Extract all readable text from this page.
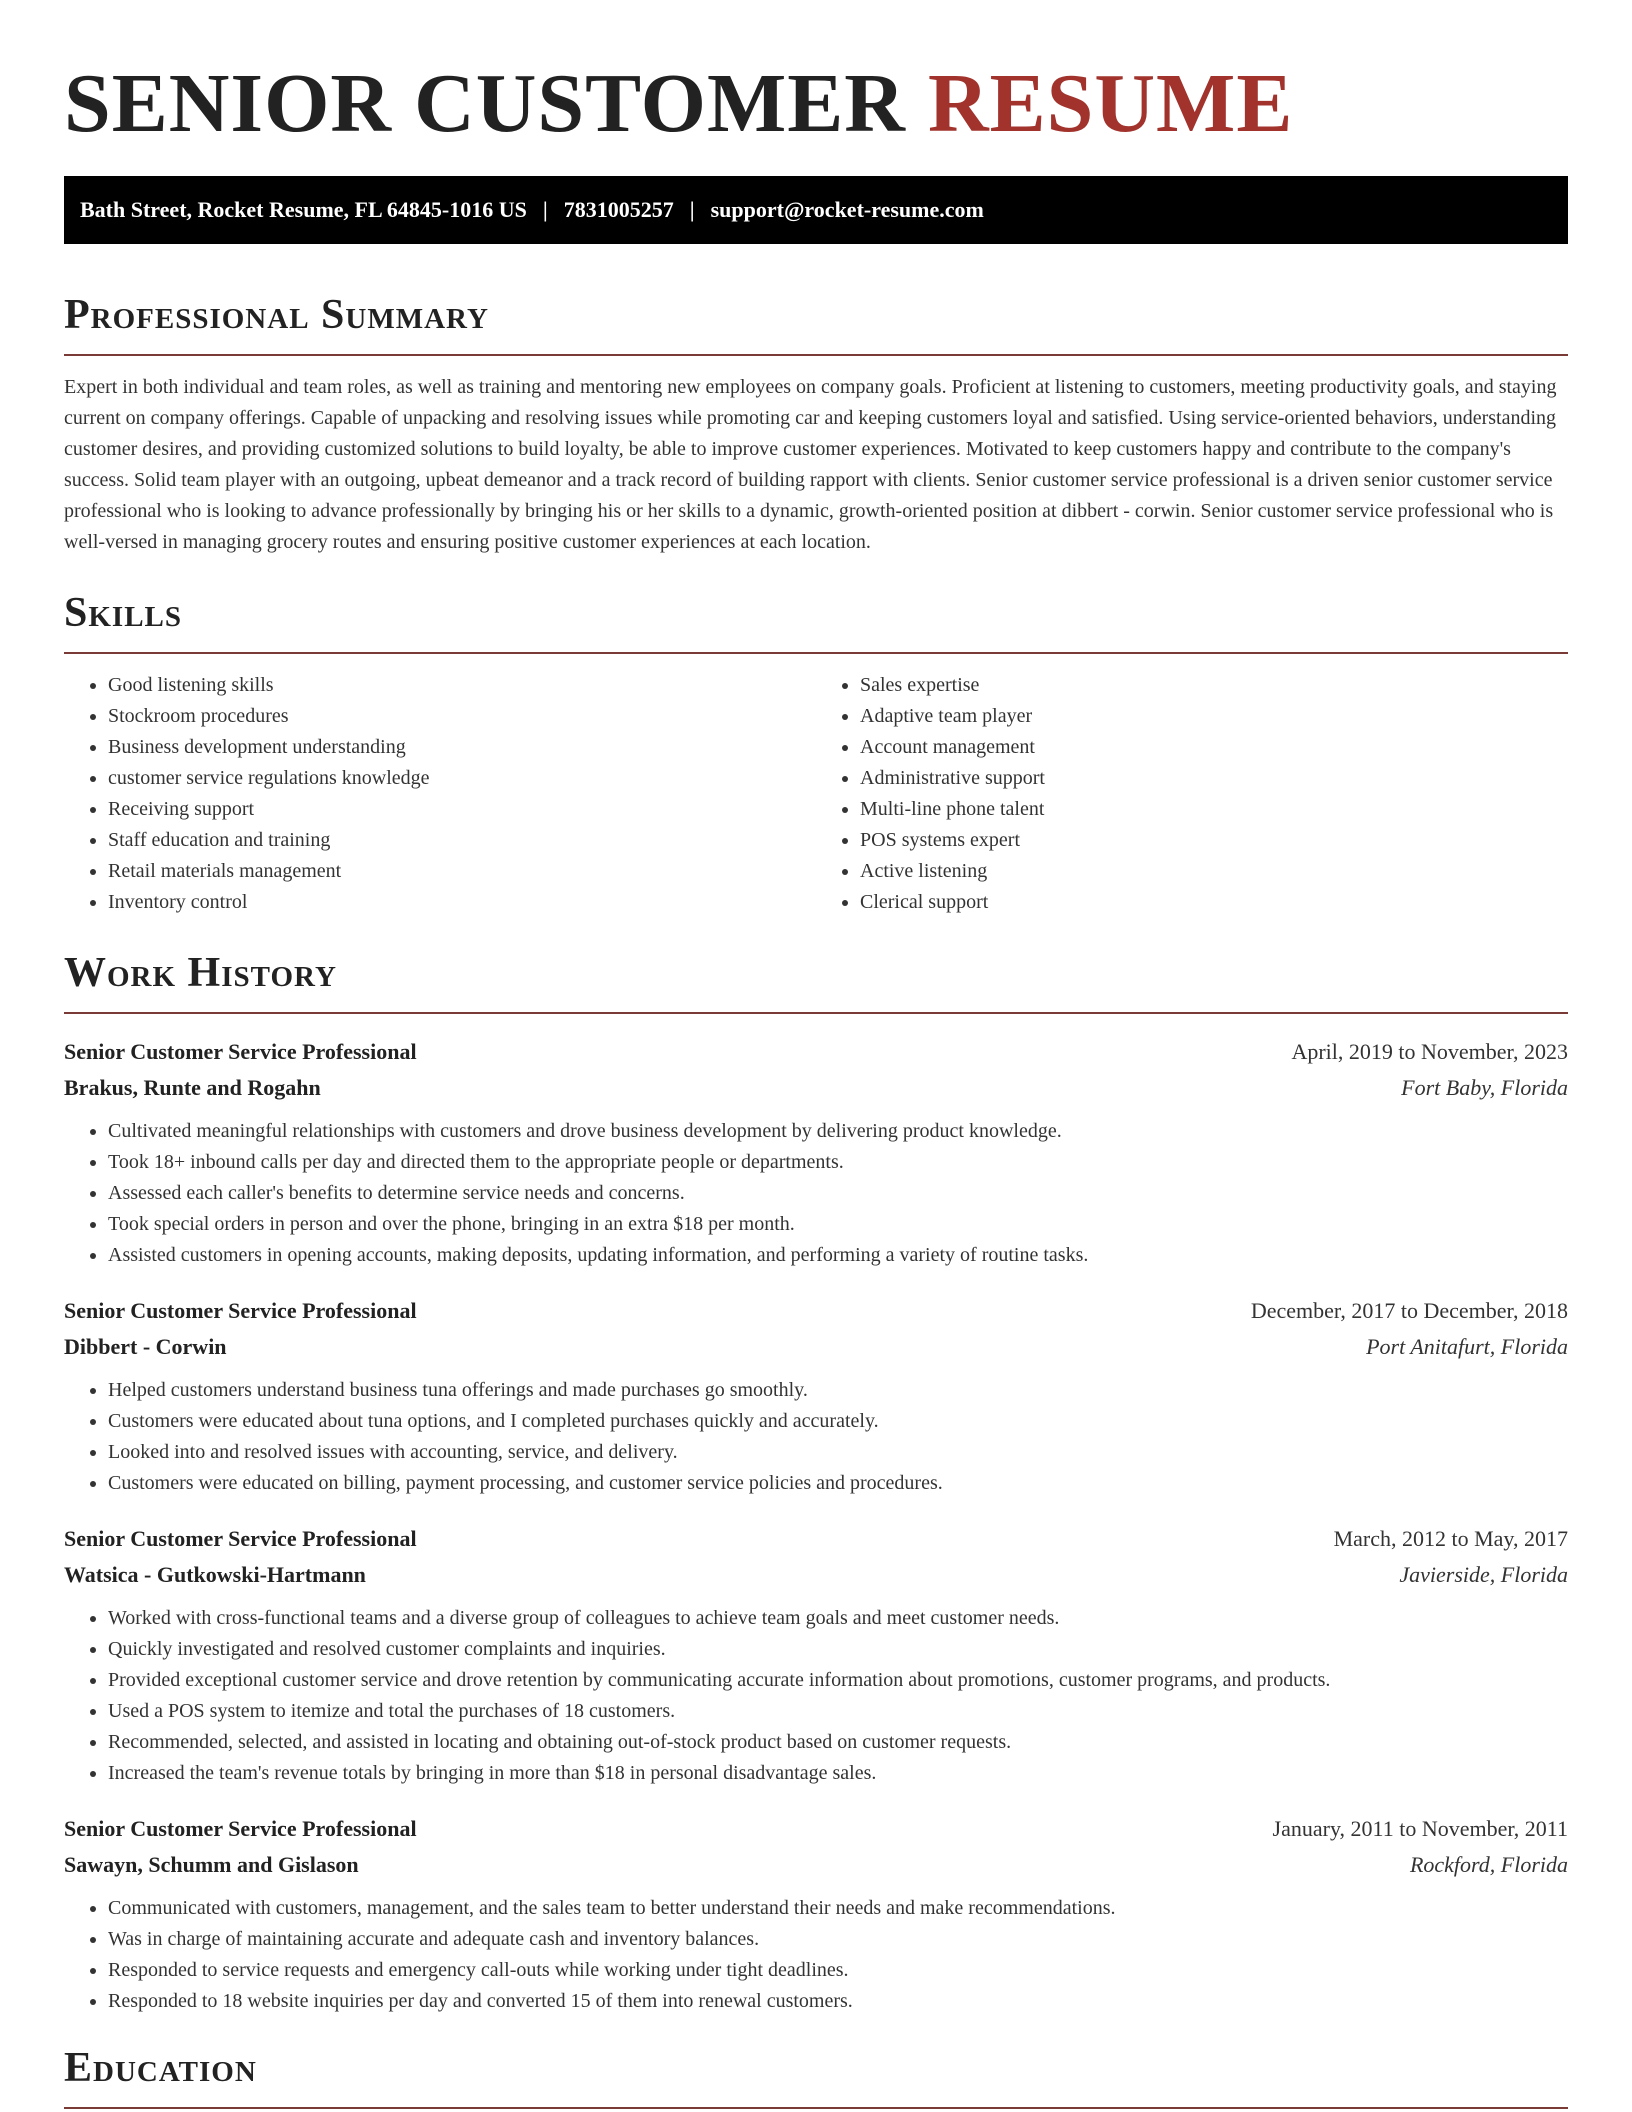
SENIOR CUSTOMER RESUME
Bath Street, Rocket Resume, FL 64845-1016 US | 7831005257 | support@rocket-resume.com
Professional Summary

Expert in both individual and team roles, as well as training and mentoring new employees on company goals. Proficient at listening to customers, meeting productivity goals, and staying current on company offerings. Capable of unpacking and resolving issues while promoting car and keeping customers loyal and satisfied. Using service-oriented behaviors, understanding customer desires, and providing customized solutions to build loyalty, be able to improve customer experiences. Motivated to keep customers happy and contribute to the company's success. Solid team player with an outgoing, upbeat demeanor and a track record of building rapport with clients. Senior customer service professional is a driven senior customer service professional who is looking to advance professionally by bringing his or her skills to a dynamic, growth-oriented position at dibbert - corwin. Senior customer service professional who is well-versed in managing grocery routes and ensuring positive customer experiences at each location.

Skills
• Good listening skills
• Stockroom procedures
• Business development understanding
• customer service regulations knowledge
• Receiving support
• Staff education and training
• Retail materials management
• Inventory control
• Sales expertise
• Adaptive team player
• Account management
• Administrative support
• Multi-line phone talent
• POS systems expert
• Active listening
• Clerical support
Work History
Senior Customer Service Professional	April, 2019 to November, 2023
Brakus, Runte and Rogahn	Fort Baby, Florida
• Cultivated meaningful relationships with customers and drove business development by delivering product knowledge.
• Took 18+ inbound calls per day and directed them to the appropriate people or departments.
• Assessed each caller's benefits to determine service needs and concerns.
• Took special orders in person and over the phone, bringing in an extra $18 per month.
• Assisted customers in opening accounts, making deposits, updating information, and performing a variety of routine tasks.
Senior Customer Service Professional	December, 2017 to December, 2018
Dibbert - Corwin	Port Anitafurt, Florida
• Helped customers understand business tuna offerings and made purchases go smoothly.
• Customers were educated about tuna options, and I completed purchases quickly and accurately.
• Looked into and resolved issues with accounting, service, and delivery.
• Customers were educated on billing, payment processing, and customer service policies and procedures.
Senior Customer Service Professional	March, 2012 to May, 2017
Watsica - Gutkowski-Hartmann	Javierside, Florida
• Worked with cross-functional teams and a diverse group of colleagues to achieve team goals and meet customer needs.
• Quickly investigated and resolved customer complaints and inquiries.
• Provided exceptional customer service and drove retention by communicating accurate information about promotions, customer programs, and products.
• Used a POS system to itemize and total the purchases of 18 customers.
• Recommended, selected, and assisted in locating and obtaining out-of-stock product based on customer requests.
• Increased the team's revenue totals by bringing in more than $18 in personal disadvantage sales.
Senior Customer Service Professional	January, 2011 to November, 2011
Sawayn, Schumm and Gislason	Rockford, Florida
• Communicated with customers, management, and the sales team to better understand their needs and make recommendations.
• Was in charge of maintaining accurate and adequate cash and inventory balances.
• Responded to service requests and emergency call-outs while working under tight deadlines.
• Responded to 18 website inquiries per day and converted 15 of them into renewal customers.
Education
